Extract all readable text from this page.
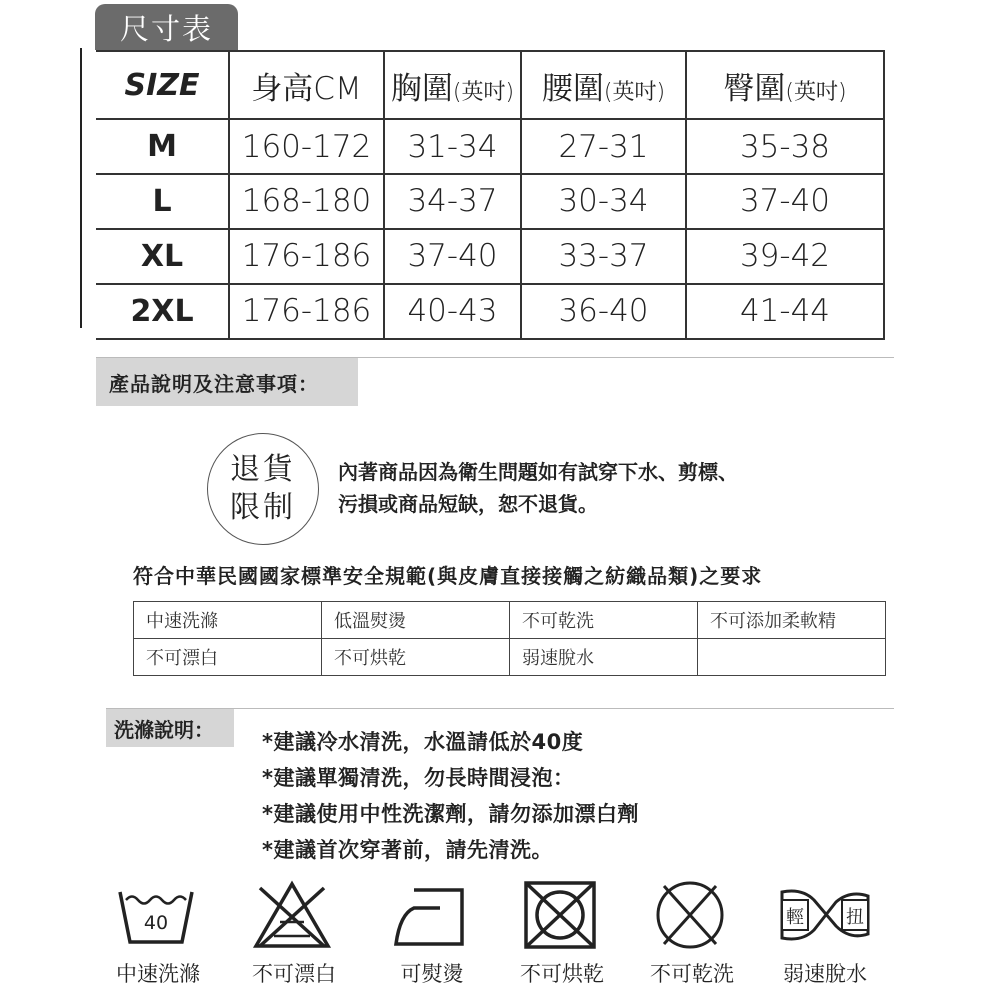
尺寸表
SIZE	身高CM	胸圍(英吋)	腰圍(英吋)	臀圍(英吋)
M	160-172	31-34	27-31	35-38
L	168-180	34-37	30-34	37-40
XL	176-186	37-40	33-37	39-42
2XL	176-186	40-43	36-40	41-44
產品說明及注意事項：
退貨
限制
內著商品因為衛生問題如有試穿下水、剪標、
污損或商品短缺，恕不退貨。
符合中華民國國家標準安全規範(與皮膚直接接觸之紡織品類)之要求
中速洗滌	低溫熨燙	不可乾洗	不可添加柔軟精
不可漂白	不可烘乾	弱速脫水	
洗滌說明：
*建議冷水清洗，水溫請低於40度
*建議單獨清洗，勿長時間浸泡：
*建議使用中性洗潔劑，請勿添加漂白劑
*建議首次穿著前，請先清洗。
40
中速洗滌	不可漂白	可熨燙	不可烘乾	不可乾洗
輕 扭
弱速脫水
